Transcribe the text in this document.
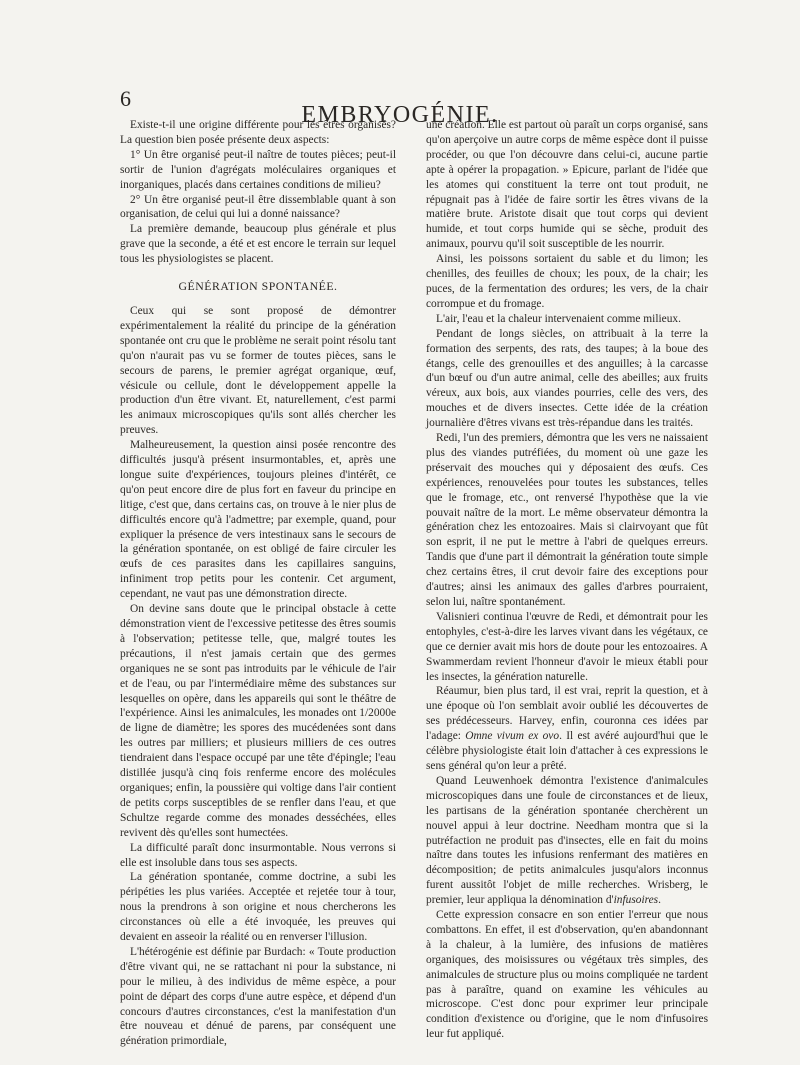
6
EMBRYOGÉNIE.

Existe-t-il une origine différente pour les êtres organisés? La question bien posée présente deux aspects:

1° Un être organisé peut-il naître de toutes pièces; peut-il sortir de l'union d'agrégats moléculaires organiques et inorganiques, placés dans certaines conditions de milieu?

2° Un être organisé peut-il être dissemblable quant à son organisation, de celui qui lui a donné naissance?

La première demande, beaucoup plus générale et plus grave que la seconde, a été et est encore le terrain sur lequel tous les physiologistes se placent.

GÉNÉRATION SPONTANÉE.

Ceux qui se sont proposé de démontrer expérimentalement la réalité du principe de la génération spontanée ont cru que le problème ne serait point résolu tant qu'on n'aurait pas vu se former de toutes pièces, sans le secours de parens, le premier agrégat organique, œuf, vésicule ou cellule, dont le développement appelle la production d'un être vivant. Et, naturellement, c'est parmi les animaux microscopiques qu'ils sont allés chercher les preuves.

Malheureusement, la question ainsi posée rencontre des difficultés jusqu'à présent insurmontables, et, après une longue suite d'expériences, toujours pleines d'intérêt, ce qu'on peut encore dire de plus fort en faveur du principe en litige, c'est que, dans certains cas, on trouve à le nier plus de difficultés encore qu'à l'admettre; par exemple, quand, pour expliquer la présence de vers intestinaux sans le secours de la génération spontanée, on est obligé de faire circuler les œufs de ces parasites dans les capillaires sanguins, infiniment trop petits pour les contenir. Cet argument, cependant, ne vaut pas une démonstration directe.

On devine sans doute que le principal obstacle à cette démonstration vient de l'excessive petitesse des êtres soumis à l'observation; petitesse telle, que, malgré toutes les précautions, il n'est jamais certain que des germes organiques ne se sont pas introduits par le véhicule de l'air et de l'eau, ou par l'intermédiaire même des substances sur lesquelles on opère, dans les appareils qui sont le théâtre de l'expérience. Ainsi les animalcules, les monades ont 1/2000e de ligne de diamètre; les spores des mucédenées sont dans les outres par milliers; et plusieurs milliers de ces outres tiendraient dans l'espace occupé par une tête d'épingle; l'eau distillée jusqu'à cinq fois renferme encore des molécules organiques; enfin, la poussière qui voltige dans l'air contient de petits corps susceptibles de se renfler dans l'eau, et que Schultze regarde comme des monades desséchées, elles revivent dès qu'elles sont humectées.

La difficulté paraît donc insurmontable. Nous verrons si elle est insoluble dans tous ses aspects.

La génération spontanée, comme doctrine, a subi les péripéties les plus variées. Acceptée et rejetée tour à tour, nous la prendrons à son origine et nous chercherons les circonstances où elle a été invoquée, les preuves qui devaient en asseoir la réalité ou en renverser l'illusion.

L'hétérogénie est définie par Burdach: « Toute production d'être vivant qui, ne se rattachant ni pour la substance, ni pour le milieu, à des individus de même espèce, a pour point de départ des corps d'une autre espèce, et dépend d'un concours d'autres circonstances, c'est la manifestation d'un être nouveau et dénué de parens, par conséquent une génération primordiale,

une création. Elle est partout où paraît un corps organisé, sans qu'on aperçoive un autre corps de même espèce dont il puisse procéder, ou que l'on découvre dans celui-ci, aucune partie apte à opérer la propagation. » Epicure, parlant de l'idée que les atomes qui constituent la terre ont tout produit, ne répugnait pas à l'idée de faire sortir les êtres vivans de la matière brute. Aristote disait que tout corps qui devient humide, et tout corps humide qui se sèche, produit des animaux, pourvu qu'il soit susceptible de les nourrir.

Ainsi, les poissons sortaient du sable et du limon; les chenilles, des feuilles de choux; les poux, de la chair; les puces, de la fermentation des ordures; les vers, de la chair corrompue et du fromage.

L'air, l'eau et la chaleur intervenaient comme milieux.

Pendant de longs siècles, on attribuait à la terre la formation des serpents, des rats, des taupes; à la boue des étangs, celle des grenouilles et des anguilles; à la carcasse d'un bœuf ou d'un autre animal, celle des abeilles; aux fruits véreux, aux bois, aux viandes pourries, celle des vers, des mouches et de divers insectes. Cette idée de la création journalière d'êtres vivans est très-répandue dans les traités.

Redi, l'un des premiers, démontra que les vers ne naissaient plus des viandes putréfiées, du moment où une gaze les préservait des mouches qui y déposaient des œufs. Ces expériences, renouvelées pour toutes les substances, telles que le fromage, etc., ont renversé l'hypothèse que la vie pouvait naître de la mort. Le même observateur démontra la génération chez les entozoaires. Mais si clairvoyant que fût son esprit, il ne put le mettre à l'abri de quelques erreurs. Tandis que d'une part il démontrait la génération toute simple chez certains êtres, il crut devoir faire des exceptions pour d'autres; ainsi les animaux des galles d'arbres pourraient, selon lui, naître spontanément.

Valisnieri continua l'œuvre de Redi, et démontrait pour les entophyles, c'est-à-dire les larves vivant dans les végétaux, ce que ce dernier avait mis hors de doute pour les entozoaires. A Swammerdam revient l'honneur d'avoir le mieux établi pour les insectes, la génération naturelle.

Réaumur, bien plus tard, il est vrai, reprit la question, et à une époque où l'on semblait avoir oublié les découvertes de ses prédécesseurs. Harvey, enfin, couronna ces idées par l'adage: Omne vivum ex ovo. Il est avéré aujourd'hui que le célèbre physiologiste était loin d'attacher à ces expressions le sens général qu'on leur a prêté.

Quand Leuwenhoek démontra l'existence d'animalcules microscopiques dans une foule de circonstances et de lieux, les partisans de la génération spontanée cherchèrent un nouvel appui à leur doctrine. Needham montra que si la putréfaction ne produit pas d'insectes, elle en fait du moins naître dans toutes les infusions renfermant des matières en décomposition; de petits animalcules jusqu'alors inconnus furent aussitôt l'objet de mille recherches. Wrisberg, le premier, leur appliqua la dénomination d'infusoires.

Cette expression consacre en son entier l'erreur que nous combattons. En effet, il est d'observation, qu'en abandonnant à la chaleur, à la lumière, des infusions de matières organiques, des moisissures ou végétaux très simples, des animalcules de structure plus ou moins compliquée ne tardent pas à paraître, quand on examine les véhicules au microscope. C'est donc pour exprimer leur principale condition d'existence ou d'origine, que le nom d'infusoires leur fut appliqué.
